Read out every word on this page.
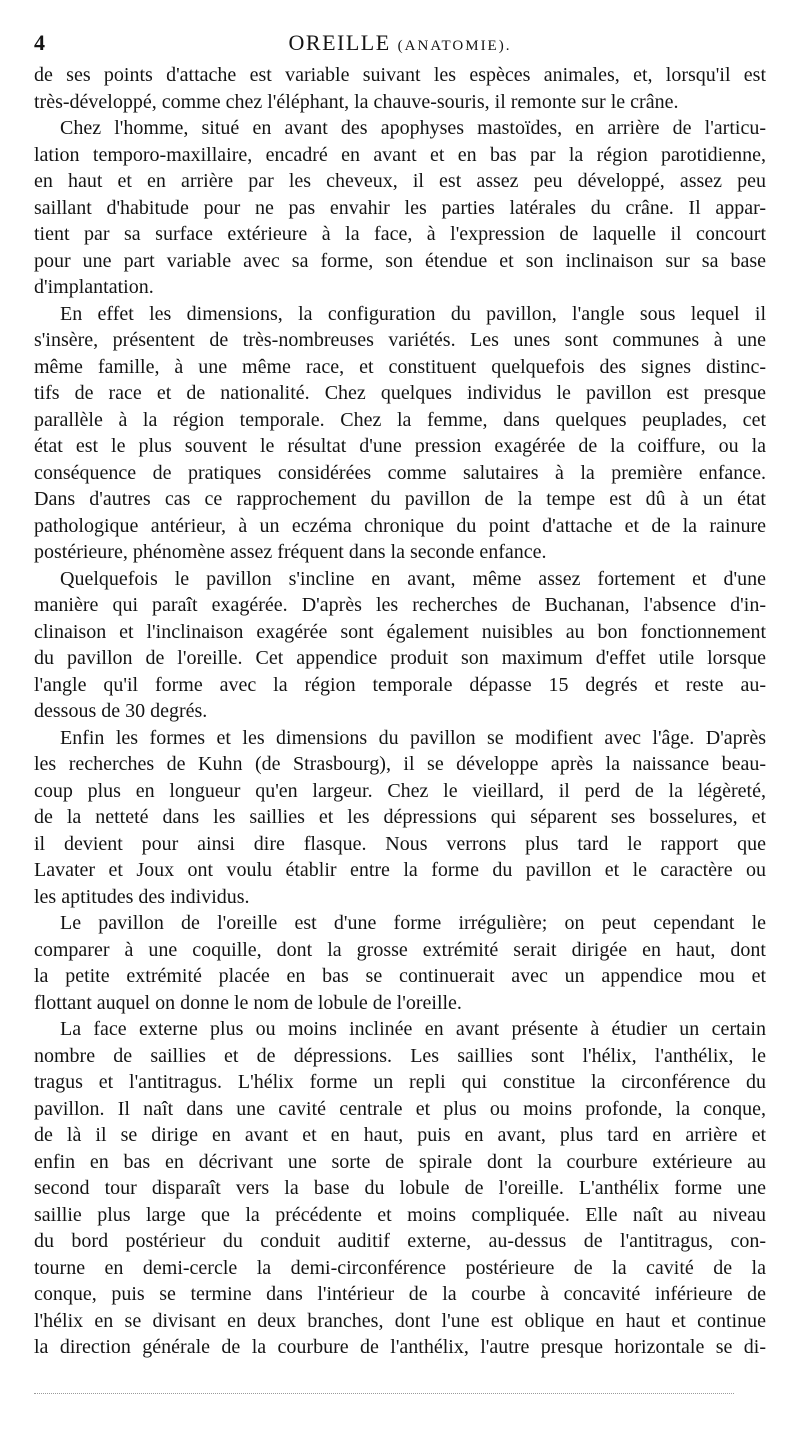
4	OREILLE (ANATOMIE).
de ses points d'attache est variable suivant les espèces animales, et, lorsqu'il est
très-développé, comme chez l'éléphant, la chauve-souris, il remonte sur le crâne.
Chez l'homme, situé en avant des apophyses mastoïdes, en arrière de l'articu-
lation temporo-maxillaire, encadré en avant et en bas par la région parotidienne,
en haut et en arrière par les cheveux, il est assez peu développé, assez peu
saillant d'habitude pour ne pas envahir les parties latérales du crâne. Il appar-
tient par sa surface extérieure à la face, à l'expression de laquelle il concourt
pour une part variable avec sa forme, son étendue et son inclinaison sur sa base
d'implantation.
En effet les dimensions, la configuration du pavillon, l'angle sous lequel il
s'insère, présentent de très-nombreuses variétés. Les unes sont communes à une
même famille, à une même race, et constituent quelquefois des signes distinc-
tifs de race et de nationalité. Chez quelques individus le pavillon est presque
parallèle à la région temporale. Chez la femme, dans quelques peuplades, cet
état est le plus souvent le résultat d'une pression exagérée de la coiffure, ou la
conséquence de pratiques considérées comme salutaires à la première enfance.
Dans d'autres cas ce rapprochement du pavillon de la tempe est dû à un état
pathologique antérieur, à un eczéma chronique du point d'attache et de la rainure
postérieure, phénomène assez fréquent dans la seconde enfance.
Quelquefois le pavillon s'incline en avant, même assez fortement et d'une
manière qui paraît exagérée. D'après les recherches de Buchanan, l'absence d'in-
clinaison et l'inclinaison exagérée sont également nuisibles au bon fonctionnement
du pavillon de l'oreille. Cet appendice produit son maximum d'effet utile lorsque
l'angle qu'il forme avec la région temporale dépasse 15 degrés et reste au-
dessous de 30 degrés.
Enfin les formes et les dimensions du pavillon se modifient avec l'âge. D'après
les recherches de Kuhn (de Strasbourg), il se développe après la naissance beau-
coup plus en longueur qu'en largeur. Chez le vieillard, il perd de la légèreté,
de la netteté dans les saillies et les dépressions qui séparent ses bosselures, et
il devient pour ainsi dire flasque. Nous verrons plus tard le rapport que
Lavater et Joux ont voulu établir entre la forme du pavillon et le caractère ou
les aptitudes des individus.
Le pavillon de l'oreille est d'une forme irrégulière; on peut cependant le
comparer à une coquille, dont la grosse extrémité serait dirigée en haut, dont
la petite extrémité placée en bas se continuerait avec un appendice mou et
flottant auquel on donne le nom de lobule de l'oreille.
La face externe plus ou moins inclinée en avant présente à étudier un certain
nombre de saillies et de dépressions. Les saillies sont l'hélix, l'anthélix, le
tragus et l'antitragus. L'hélix forme un repli qui constitue la circonférence du
pavillon. Il naît dans une cavité centrale et plus ou moins profonde, la conque,
de là il se dirige en avant et en haut, puis en avant, plus tard en arrière et
enfin en bas en décrivant une sorte de spirale dont la courbure extérieure au
second tour disparaît vers la base du lobule de l'oreille. L'anthélix forme une
saillie plus large que la précédente et moins compliquée. Elle naît au niveau
du bord postérieur du conduit auditif externe, au-dessus de l'antitragus, con-
tourne en demi-cercle la demi-circonférence postérieure de la cavité de la
conque, puis se termine dans l'intérieur de la courbe à concavité inférieure de
l'hélix en se divisant en deux branches, dont l'une est oblique en haut et continue
la direction générale de la courbure de l'anthélix, l'autre presque horizontale se di-
